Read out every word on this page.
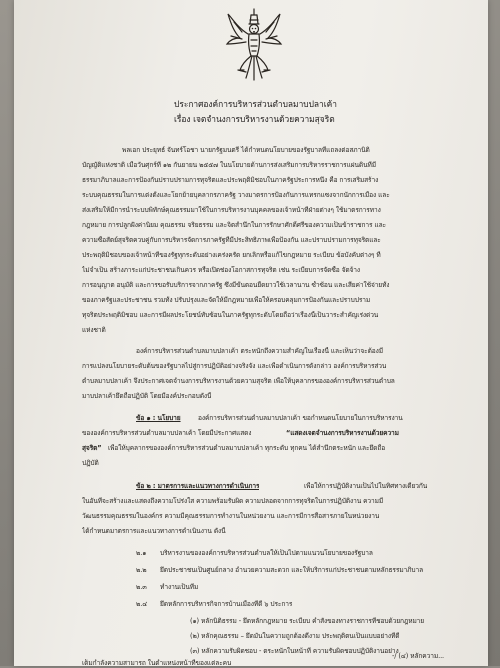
ประกาศองค์การบริหารส่วนตำบลมาบปลาเค้า
เรื่อง เจตจำนงการบริหารงานด้วยความสุจริต
พลเอก ประยุทธ์ จันทร์โอชา นายกรัฐมนตรี ได้กำหนดนโยบายของรัฐบาลที่แถลงต่อสภานิติ
บัญญัติแห่งชาติ เมื่อวันศุกร์ที่ ๑๒ กันยายน ๒๕๕๗ ในนโยบายด้านการส่งเสริมการบริหารราชการแผ่นดินที่มี
ธรรมาภิบาลและการป้องกันปราบปรามการทุจริตและประพฤติมิชอบในภาครัฐประการหนึ่ง คือ การเสริมสร้าง
ระบบคุณธรรมในการแต่งตั้งและโยกย้ายบุคลากรภาครัฐ วางมาตรการป้องกันการแทรกแซงจากนักการเมือง และ
ส่งเสริมให้มีการนำระบบพิทักษ์คุณธรรมมาใช้ในการบริหารงานบุคคลของเจ้าหน้าที่ฝ่ายต่างๆ ใช้มาตรการทาง
กฎหมาย การปลูกฝังค่านิยม คุณธรรม จริยธรรม และจิตสำนึกในการรักษาศักดิ์ศรีของความเป็นข้าราชการ และ
ความซื่อสัตย์สุจริตควบคู่กับการบริหารจัดการภาครัฐที่มีประสิทธิภาพเพื่อป้องกัน และปราบปรามการทุจริตและ
ประพฤติมิชอบของเจ้าหน้าที่ของรัฐทุกระดับอย่างเคร่งครัด ยกเลิกหรือแก้ไขกฎหมาย ระเบียบ ข้อบังคับต่างๆ ที่
ไม่จำเป็น สร้างภาระแก่ประชาชนเกินควร หรือเปิดช่องโอกาสการทุจริต เช่น ระเบียบการจัดซื้อ จัดจ้าง
การอนุญาต อนุมัติ และการขอรับบริการจากภาครัฐ ซึ่งมีขั้นตอนยืดยาวใช้เวลานาน ซ้ำซ้อน และเสียค่าใช้จ่ายทั้ง
ของภาครัฐและประชาชน รวมทั้ง ปรับปรุงและจัดให้มีกฎหมายเพื่อให้ครอบคลุมการป้องกันและปราบปราม
ทุจริตประพฤติมิชอบ และการมีผลประโยชน์ทับซ้อนในภาครัฐทุกระดับโดยถือว่าเรื่องนี้เป็นวาระสำคัญเร่งด่วน
แห่งชาติ
องค์การบริหารส่วนตำบลมาบปลาเค้า ตระหนักถึงความสำคัญในเรื่องนี้ และเห็นว่าจะต้องมี
การแปลงนโยบายระดับต้นของรัฐบาลไปสู่การปฏิบัติอย่างจริงจัง และเพื่อดำเนินการดังกล่าว องค์การบริหารส่วน
ตำบลมาบปลาเค้า จึงประกาศเจตจำนงการบริหารงานด้วยความสุจริต เพื่อให้บุคลากรขององค์การบริหารส่วนตำบล
มาบปลาเค้ายึดถือปฏิบัติ โดยมีองค์ประกอบดังนี้
ข้อ ๑ : นโยบาย	องค์การบริหารส่วนตำบลมาบปลาเค้า ขอกำหนดนโยบายในการบริหารงาน
ขององค์การบริหารส่วนตำบลมาบปลาเค้า โดยมีประกาศแสดง	“แสดงเจตจำนงการบริหารงานด้วยความ
สุจริต” เพื่อให้บุคลากรขององค์การบริหารส่วนตำบลมาบปลาเค้า ทุกระดับ ทุกคน ได้สำนึกตระหนัก และยึดถือ
ปฏิบัติ
ข้อ ๒ : มาตรการและแนวทางการดำเนินการ	เพื่อให้การปฏิบัติงานเป็นไปในทิศทางเดียวกัน
ในอันที่จะสร้างและแสดงถึงความโปร่งใส ความพร้อมรับผิด ความปลอดจากการทุจริตในการปฏิบัติงาน ความมี
วัฒนธรรมคุณธรรมในองค์กร ความมีคุณธรรมการทำงานในหน่วยงาน และการมีการสื่อสารภายในหน่วยงาน
ได้กำหนดมาตรการและแนวทางการดำเนินงาน ดังนี้
๒.๑ บริหารงานขององค์การบริหารส่วนตำบลให้เป็นไปตามแนวนโยบายของรัฐบาล
๒.๒ ยึดประชาชนเป็นศูนย์กลาง อำนวยความสะดวก และให้บริการแก่ประชาชนตามหลักธรรมาภิบาล
๒.๓ ทำงานเป็นทีม
๒.๔ ยึดหลักการบริหารกิจการบ้านเมืองที่ดี ๖ ประการ
(๑) หลักนิติธรรม - ยึดหลักกฎหมาย ระเบียบ คำสั่งของทางราชการที่ชอบด้วยกฎหมาย
(๒) หลักคุณธรรม – ยึดมั่นในความถูกต้องดีงาม ประพฤติตนเป็นแบบอย่างที่ดี
(๓) หลักความรับผิดชอบ - ตระหนักในหน้าที่ ความรับผิดชอบปฏิบัติงานอย่าง
เต็มกำลังความสามารถ ในตำแหน่งหน้าที่ของแต่ละคน
-/ (๔) หลักความ...
